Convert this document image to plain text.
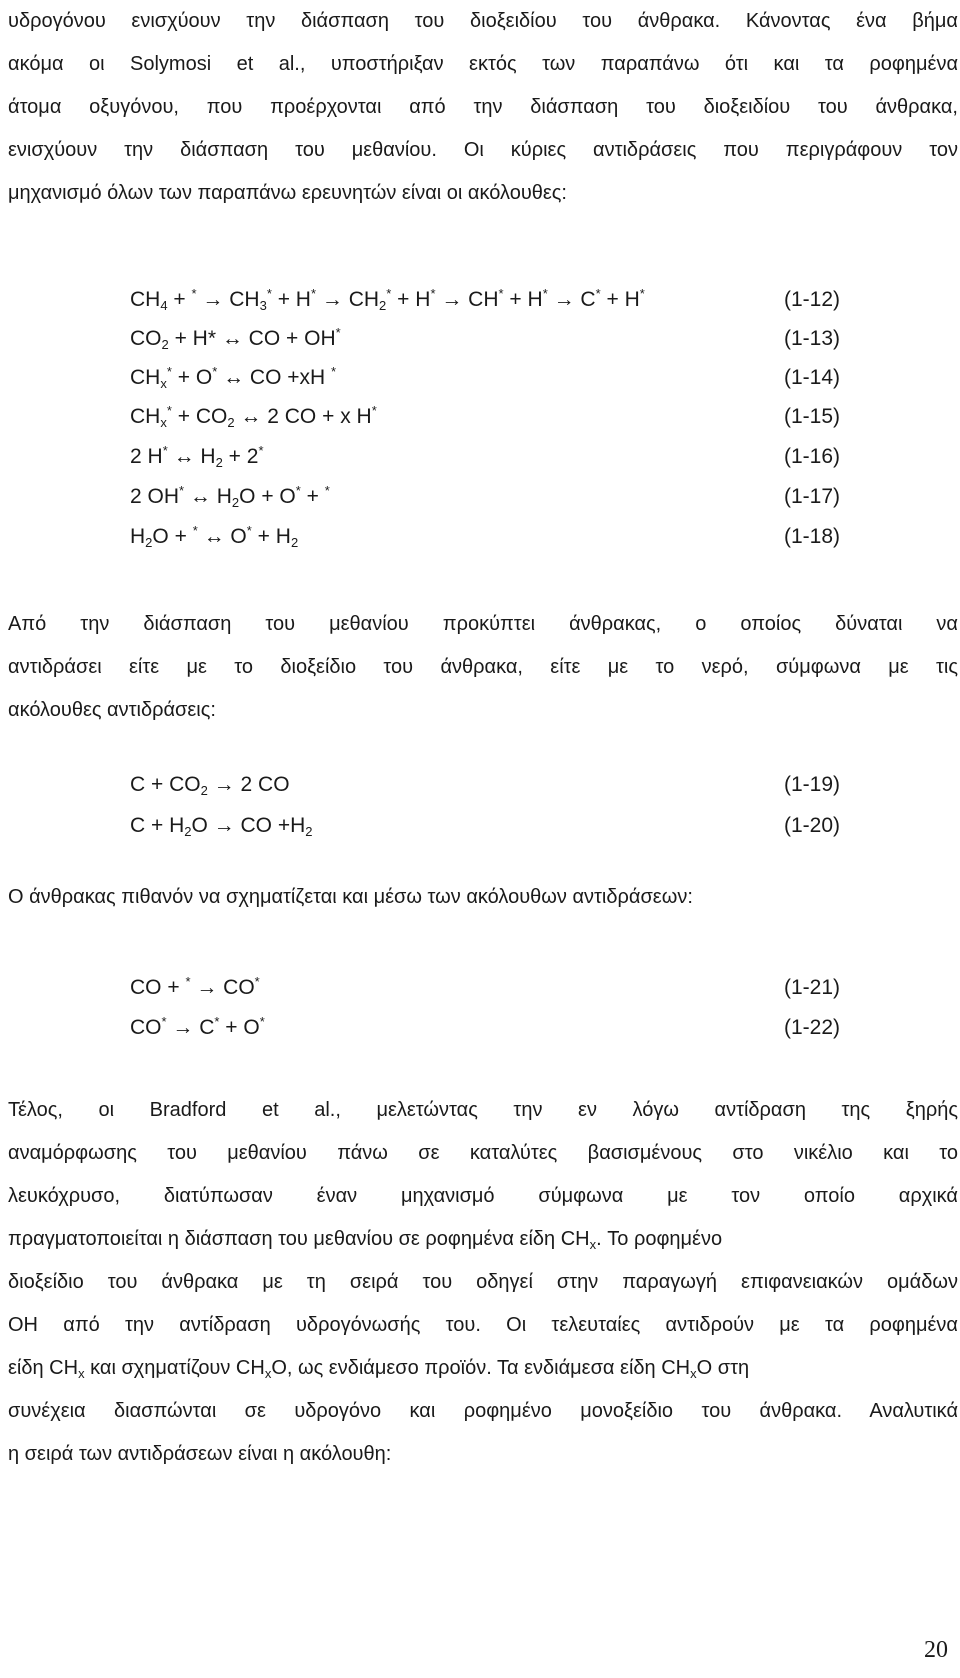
υδρογόνου ενισχύουν την διάσπαση του διοξειδίου του άνθρακα. Κάνοντας ένα βήμα
ακόμα οι Solymosi et al., υποστήριξαν εκτός των παραπάνω ότι και τα ροφημένα
άτομα οξυγόνου, που προέρχονται από την διάσπαση του διοξειδίου του άνθρακα,
ενισχύουν την διάσπαση του μεθανίου. Οι κύριες αντιδράσεις που περιγράφουν τον
μηχανισμό όλων των παραπάνω ερευνητών είναι οι ακόλουθες:
$CH_4 + ^* \to CH_3^* + H^* \to CH_2^* + H^* \to CH^* + H^* \to C^* + H^*$	(1-12)
$CO_2 + H*$ ↔ CO + OH*	(1-13)
$CH_x^* + O^*$ ↔ CO +xH *	(1-14)
$CH_x^* + CO_2$ ↔ 2 CO + x H*	(1-15)
2 H* ↔ $H_2 + 2^*$	(1-16)
2 OH* ↔ $H_2O + O^* + ^*$	(1-17)
$H_2O + ^*$ ↔ $O^* + H_2$	(1-18)
Από την διάσπαση του μεθανίου προκύπτει άνθρακας, ο οποίος δύναται να
αντιδράσει είτε με το διοξείδιο του άνθρακα, είτε με το νερό, σύμφωνα με τις
ακόλουθες αντιδράσεις:
$C + CO_2 \to 2$ CO	(1-19)
$C + H_2O$ → CO $+H_2$	(1-20)
Ο άνθρακας πιθανόν να σχηματίζεται και μέσω των ακόλουθων αντιδράσεων:
CO + * → CO*	(1-21)
CO* → C* + O*	(1-22)
Τέλος, οι Bradford et al., μελετώντας την εν λόγω αντίδραση της ξηρής
αναμόρφωσης του μεθανίου πάνω σε καταλύτες βασισμένους στο νικέλιο και το
λευκόχρυσο, διατύπωσαν έναν μηχανισμό σύμφωνα με τον οποίο αρχικά
πραγματοποιείται η διάσπαση του μεθανίου σε ροφημένα είδη $CH_x$. Το ροφημένο
διοξείδιο του άνθρακα με τη σειρά του οδηγεί στην παραγωγή επιφανειακών ομάδων
OH από την αντίδραση υδρογόνωσής του. Οι τελευταίες αντιδρούν με τα ροφημένα
είδη $CH_x$ και σχηματίζουν $CH_xO$, ως ενδιάμεσο προϊόν. Τα ενδιάμεσα είδη $CH_xO$ στη
συνέχεια διασπώνται σε υδρογόνο και ροφημένο μονοξείδιο του άνθρακα. Αναλυτικά
η σειρά των αντιδράσεων είναι η ακόλουθη:
20
